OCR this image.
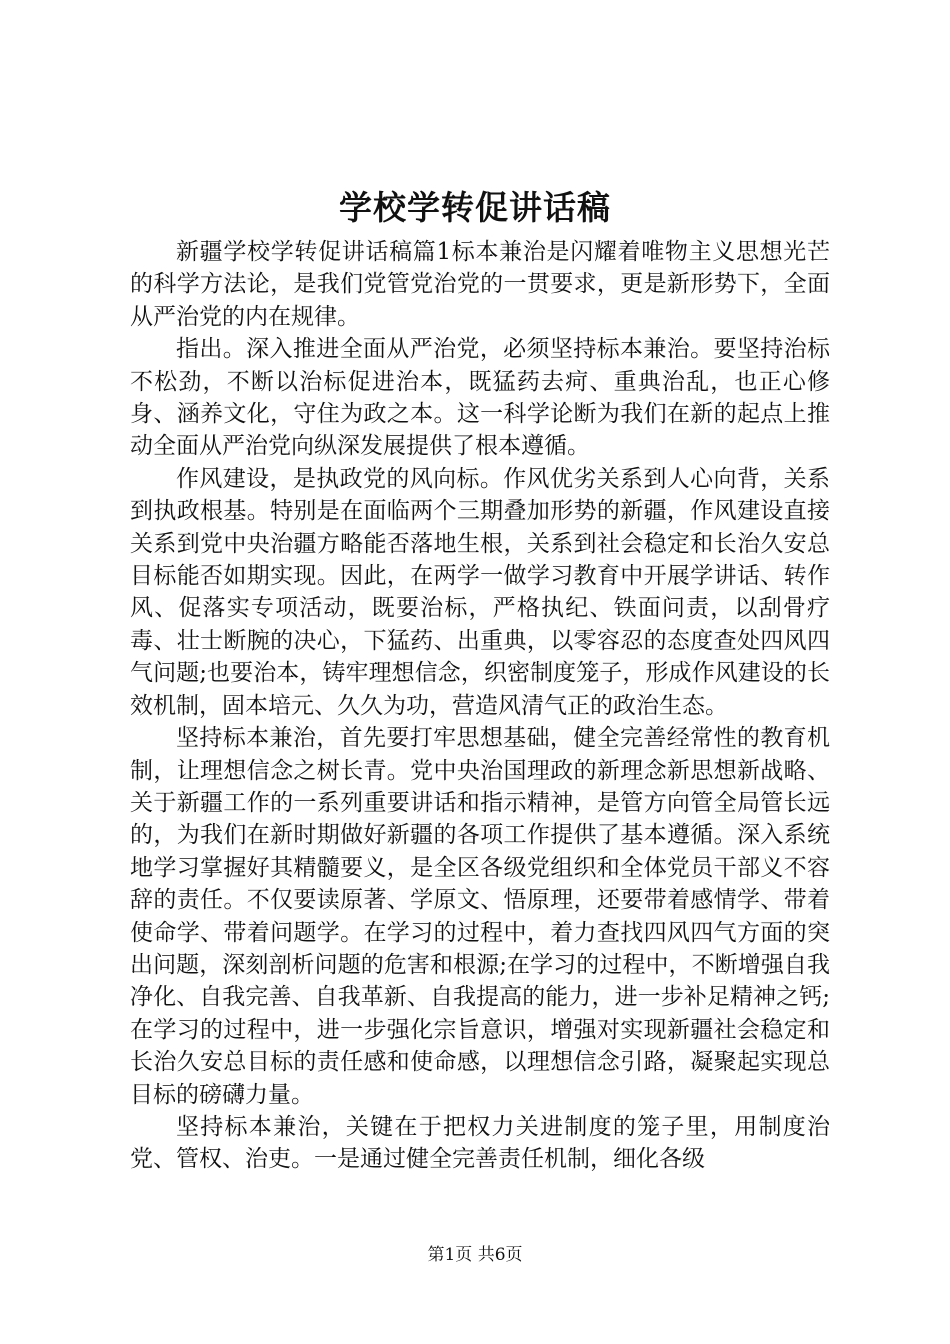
学校学转促讲话稿

新疆学校学转促讲话稿篇1标本兼治是闪耀着唯物主义思想光芒的科学方法论，是我们党管党治党的一贯要求，更是新形势下，全面从严治党的内在规律。

指出。深入推进全面从严治党，必须坚持标本兼治。要坚持治标不松劲，不断以治标促进治本，既猛药去疴、重典治乱，也正心修身、涵养文化，守住为政之本。这一科学论断为我们在新的起点上推动全面从严治党向纵深发展提供了根本遵循。

作风建设，是执政党的风向标。作风优劣关系到人心向背，关系到执政根基。特别是在面临两个三期叠加形势的新疆，作风建设直接关系到党中央治疆方略能否落地生根，关系到社会稳定和长治久安总目标能否如期实现。因此，在两学一做学习教育中开展学讲话、转作风、促落实专项活动，既要治标，严格执纪、铁面问责，以刮骨疗毒、壮士断腕的决心，下猛药、出重典，以零容忍的态度查处四风四气问题;也要治本，铸牢理想信念，织密制度笼子，形成作风建设的长效机制，固本培元、久久为功，营造风清气正的政治生态。

坚持标本兼治，首先要打牢思想基础，健全完善经常性的教育机制，让理想信念之树长青。党中央治国理政的新理念新思想新战略、关于新疆工作的一系列重要讲话和指示精神，是管方向管全局管长远的，为我们在新时期做好新疆的各项工作提供了基本遵循。深入系统地学习掌握好其精髓要义，是全区各级党组织和全体党员干部义不容辞的责任。不仅要读原著、学原文、悟原理，还要带着感情学、带着使命学、带着问题学。在学习的过程中，着力查找四风四气方面的突出问题，深刻剖析问题的危害和根源;在学习的过程中，不断增强自我净化、自我完善、自我革新、自我提高的能力，进一步补足精神之钙;在学习的过程中，进一步强化宗旨意识，增强对实现新疆社会稳定和长治久安总目标的责任感和使命感，以理想信念引路，凝聚起实现总目标的磅礴力量。

坚持标本兼治，关键在于把权力关进制度的笼子里，用制度治党、管权、治吏。一是通过健全完善责任机制，细化各级

第1页 共6页
